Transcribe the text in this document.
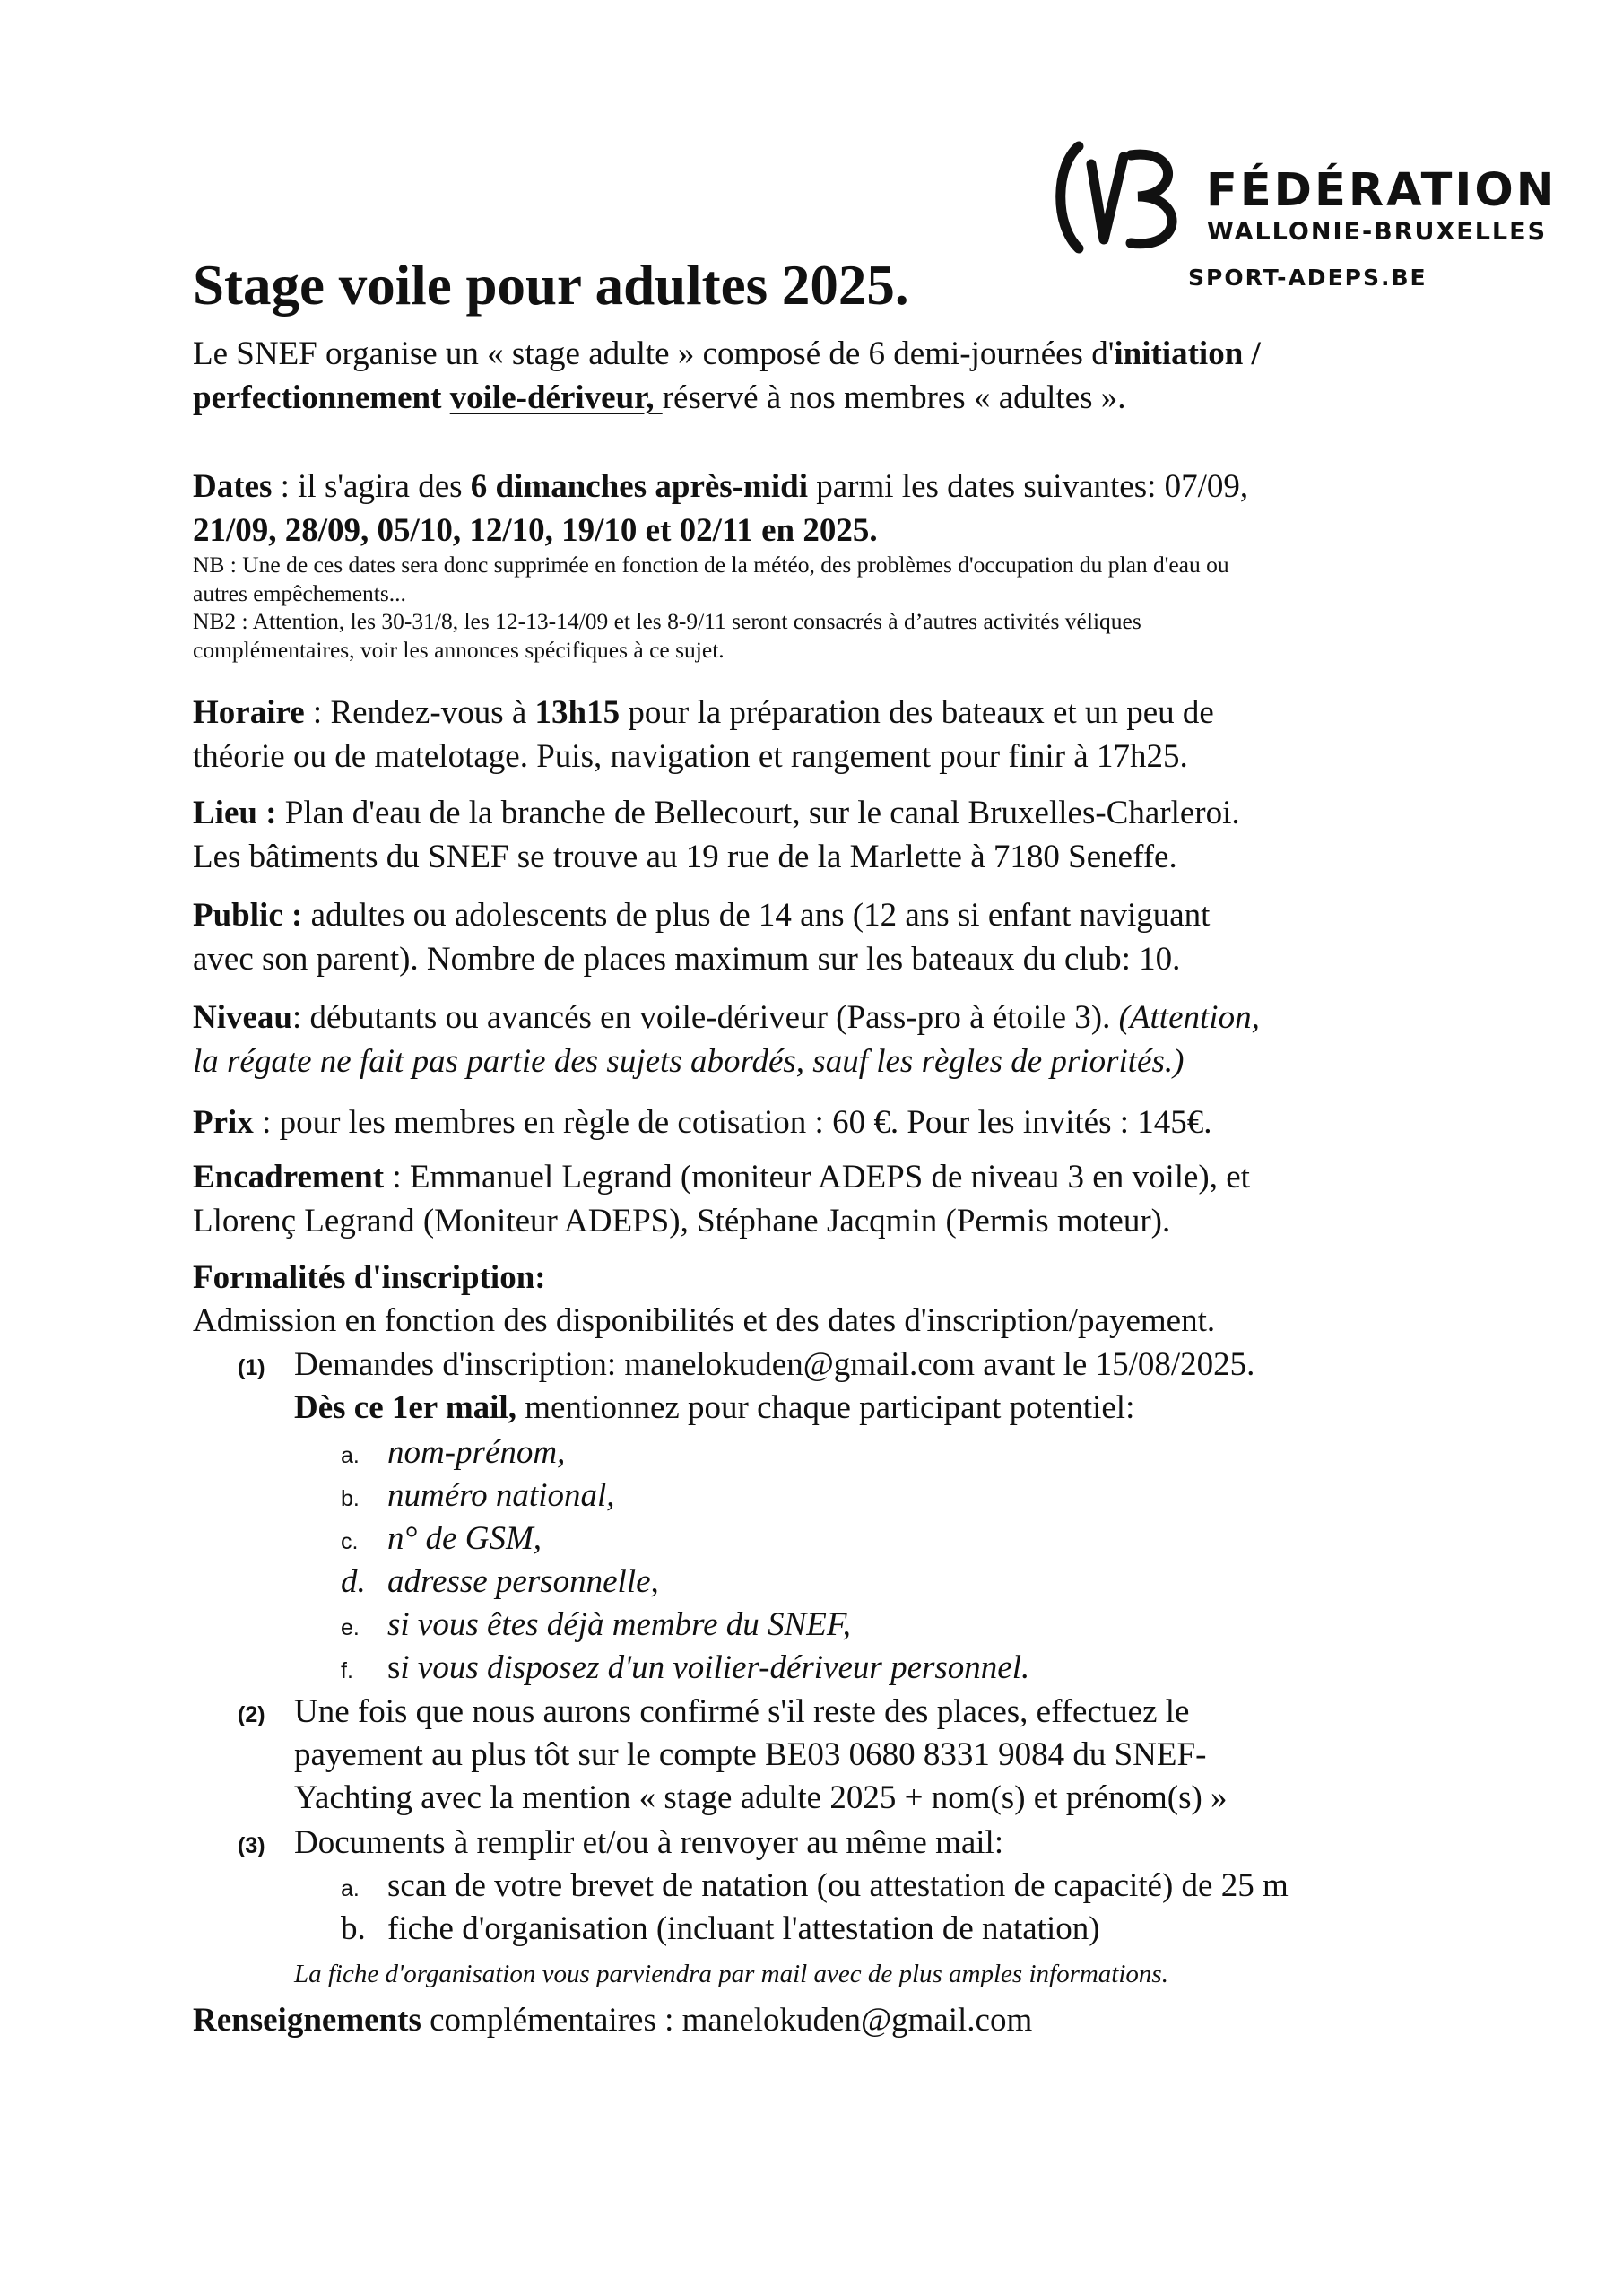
FÉDÉRATION
WALLONIE-BRUXELLES
SPORT-ADEPS.BE
Stage voile pour adultes 2025.
Le SNEF organise un « stage adulte » composé de 6 demi-journées d'initiation /
perfectionnement voile-dériveur, réservé à nos membres « adultes ».
Dates : il s'agira des 6 dimanches après-midi parmi les dates suivantes: 07/09,
21/09, 28/09, 05/10, 12/10, 19/10 et 02/11 en 2025.
NB : Une de ces dates sera donc supprimée en fonction de la météo, des problèmes d'occupation du plan d'eau ou
autres empêchements...
NB2 : Attention, les 30-31/8, les 12-13-14/09 et les 8-9/11 seront consacrés à d’autres activités véliques
complémentaires, voir les annonces spécifiques à ce sujet.
Horaire : Rendez-vous à 13h15 pour la préparation des bateaux et un peu de
théorie ou de matelotage. Puis, navigation et rangement pour finir à 17h25.
Lieu : Plan d'eau de la branche de Bellecourt, sur le canal Bruxelles-Charleroi.
Les bâtiments du SNEF se trouve au 19 rue de la Marlette à 7180 Seneffe.
Public : adultes ou adolescents de plus de 14 ans (12 ans si enfant naviguant
avec son parent). Nombre de places maximum sur les bateaux du club: 10.
Niveau: débutants ou avancés en voile-dériveur (Pass-pro à étoile 3). (Attention,
la régate ne fait pas partie des sujets abordés, sauf les règles de priorités.)
Prix : pour les membres en règle de cotisation : 60 €. Pour les invités : 145€.
Encadrement : Emmanuel Legrand (moniteur ADEPS de niveau 3 en voile), et
Llorenç Legrand (Moniteur ADEPS), Stéphane Jacqmin (Permis moteur).
Formalités d'inscription:
Admission en fonction des disponibilités et des dates d'inscription/payement.
(1) Demandes d'inscription: manelokuden@gmail.com avant le 15/08/2025.
Dès ce 1er mail, mentionnez pour chaque participant potentiel:
a. nom-prénom,
b. numéro national,
c. n° de GSM,
d. adresse personnelle,
e. si vous êtes déjà membre du SNEF,
f. si vous disposez d'un voilier-dériveur personnel.
(2) Une fois que nous aurons confirmé s'il reste des places, effectuez le
payement au plus tôt sur le compte BE03 0680 8331 9084 du SNEF-
Yachting avec la mention « stage adulte 2025 + nom(s) et prénom(s) »
(3) Documents à remplir et/ou à renvoyer au même mail:
a. scan de votre brevet de natation (ou attestation de capacité) de 25 m
b. fiche d'organisation (incluant l'attestation de natation)
La fiche d'organisation vous parviendra par mail avec de plus amples informations.
Renseignements complémentaires : manelokuden@gmail.com
